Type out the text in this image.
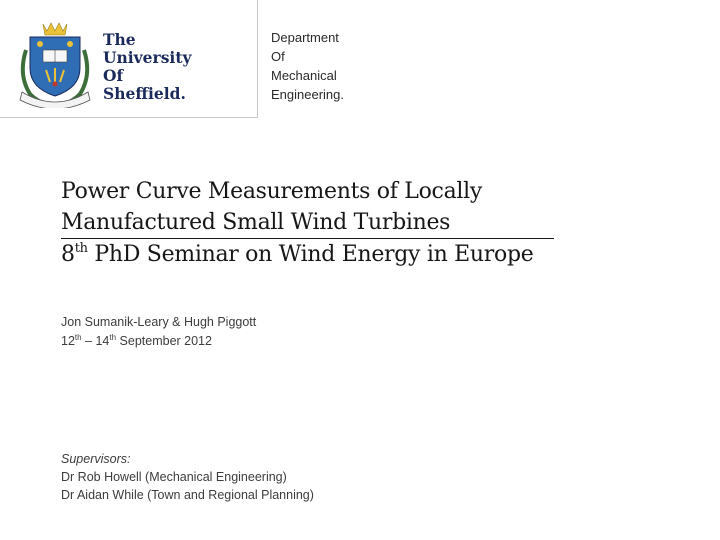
The
University
Of
Sheffield.
Department
Of
Mechanical
Engineering.
Power Curve Measurements of Locally
Manufactured Small Wind Turbines
8th PhD Seminar on Wind Energy in Europe
Jon Sumanik-Leary & Hugh Piggott
12th – 14th September 2012
Supervisors:
Dr Rob Howell (Mechanical Engineering)
Dr Aidan While (Town and Regional Planning)
